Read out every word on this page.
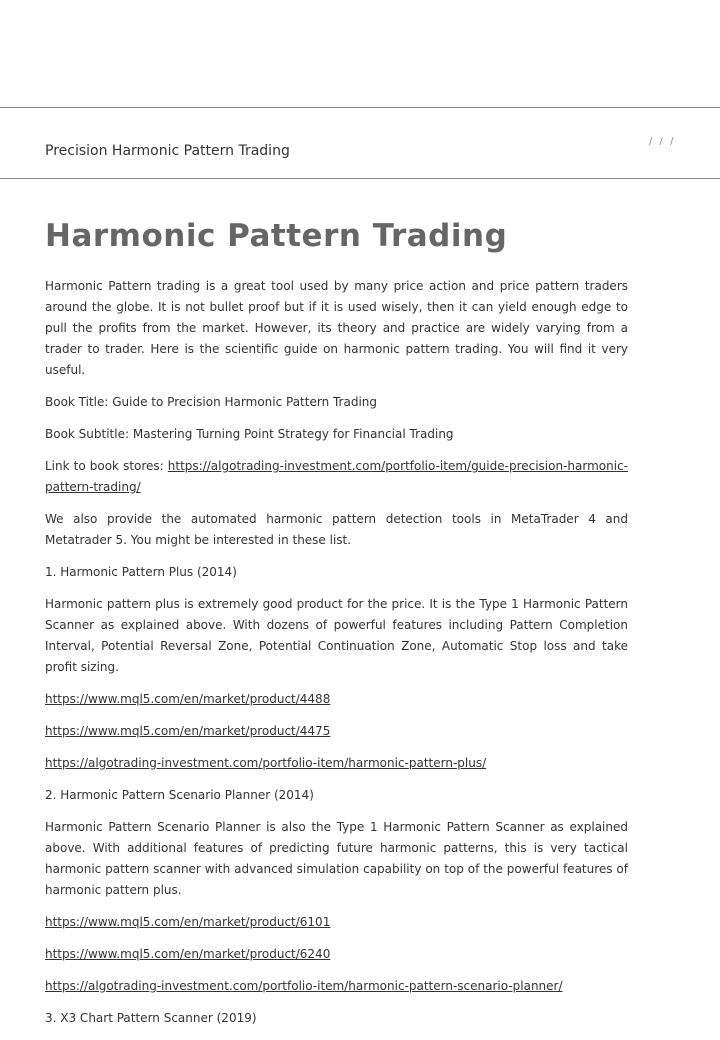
Precision Harmonic Pattern Trading
/ / /
Harmonic Pattern Trading

Harmonic Pattern trading is a great tool used by many price action and price pattern traders around the globe. It is not bullet proof but if it is used wisely, then it can yield enough edge to pull the profits from the market. However, its theory and practice are widely varying from a trader to trader. Here is the scientific guide on harmonic pattern trading. You will find it very useful.

Book Title: Guide to Precision Harmonic Pattern Trading

Book Subtitle: Mastering Turning Point Strategy for Financial Trading

Link to book stores: https://algotrading-investment.com/portfolio-item/guide-precision-harmonic-pattern-trading/

We also provide the automated harmonic pattern detection tools in MetaTrader 4 and Metatrader 5. You might be interested in these list.

1. Harmonic Pattern Plus (2014)

Harmonic pattern plus is extremely good product for the price. It is the Type 1 Harmonic Pattern Scanner as explained above. With dozens of powerful features including Pattern Completion Interval, Potential Reversal Zone, Potential Continuation Zone, Automatic Stop loss and take profit sizing.

https://www.mql5.com/en/market/product/4488

https://www.mql5.com/en/market/product/4475

https://algotrading-investment.com/portfolio-item/harmonic-pattern-plus/

2. Harmonic Pattern Scenario Planner (2014)

Harmonic Pattern Scenario Planner is also the Type 1 Harmonic Pattern Scanner as explained above. With additional features of predicting future harmonic patterns, this is very tactical harmonic pattern scanner with advanced simulation capability on top of the powerful features of harmonic pattern plus.

https://www.mql5.com/en/market/product/6101

https://www.mql5.com/en/market/product/6240

https://algotrading-investment.com/portfolio-item/harmonic-pattern-scenario-planner/

3. X3 Chart Pattern Scanner (2019)
